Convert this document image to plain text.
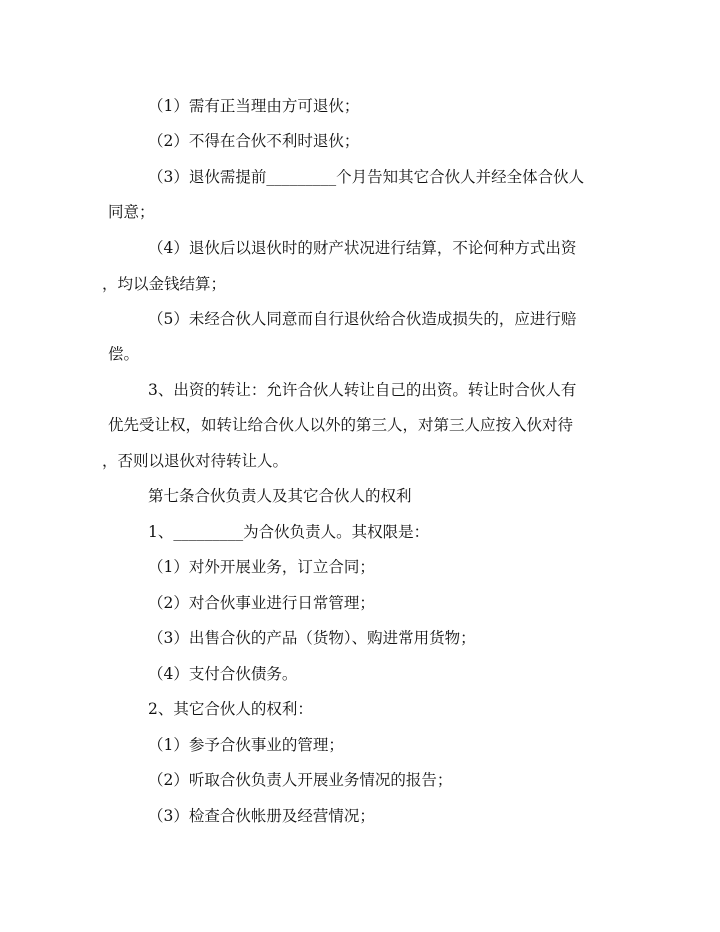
（1）需有正当理由方可退伙；
（2）不得在合伙不利时退伙；
（3）退伙需提前_________个月告知其它合伙人并经全体合伙人
同意；
（4）退伙后以退伙时的财产状况进行结算，不论何种方式出资
，均以金钱结算；
（5）未经合伙人同意而自行退伙给合伙造成损失的，应进行赔
偿。
3、出资的转让：允许合伙人转让自己的出资。转让时合伙人有
优先受让权，如转让给合伙人以外的第三人，对第三人应按入伙对待
，否则以退伙对待转让人。
第七条合伙负责人及其它合伙人的权利
1、_________为合伙负责人。其权限是：
（1）对外开展业务，订立合同；
（2）对合伙事业进行日常管理；
（3）出售合伙的产品（货物）、购进常用货物；
（4）支付合伙债务。
2、其它合伙人的权利：
（1）参予合伙事业的管理；
（2）听取合伙负责人开展业务情况的报告；
（3）检查合伙帐册及经营情况；
